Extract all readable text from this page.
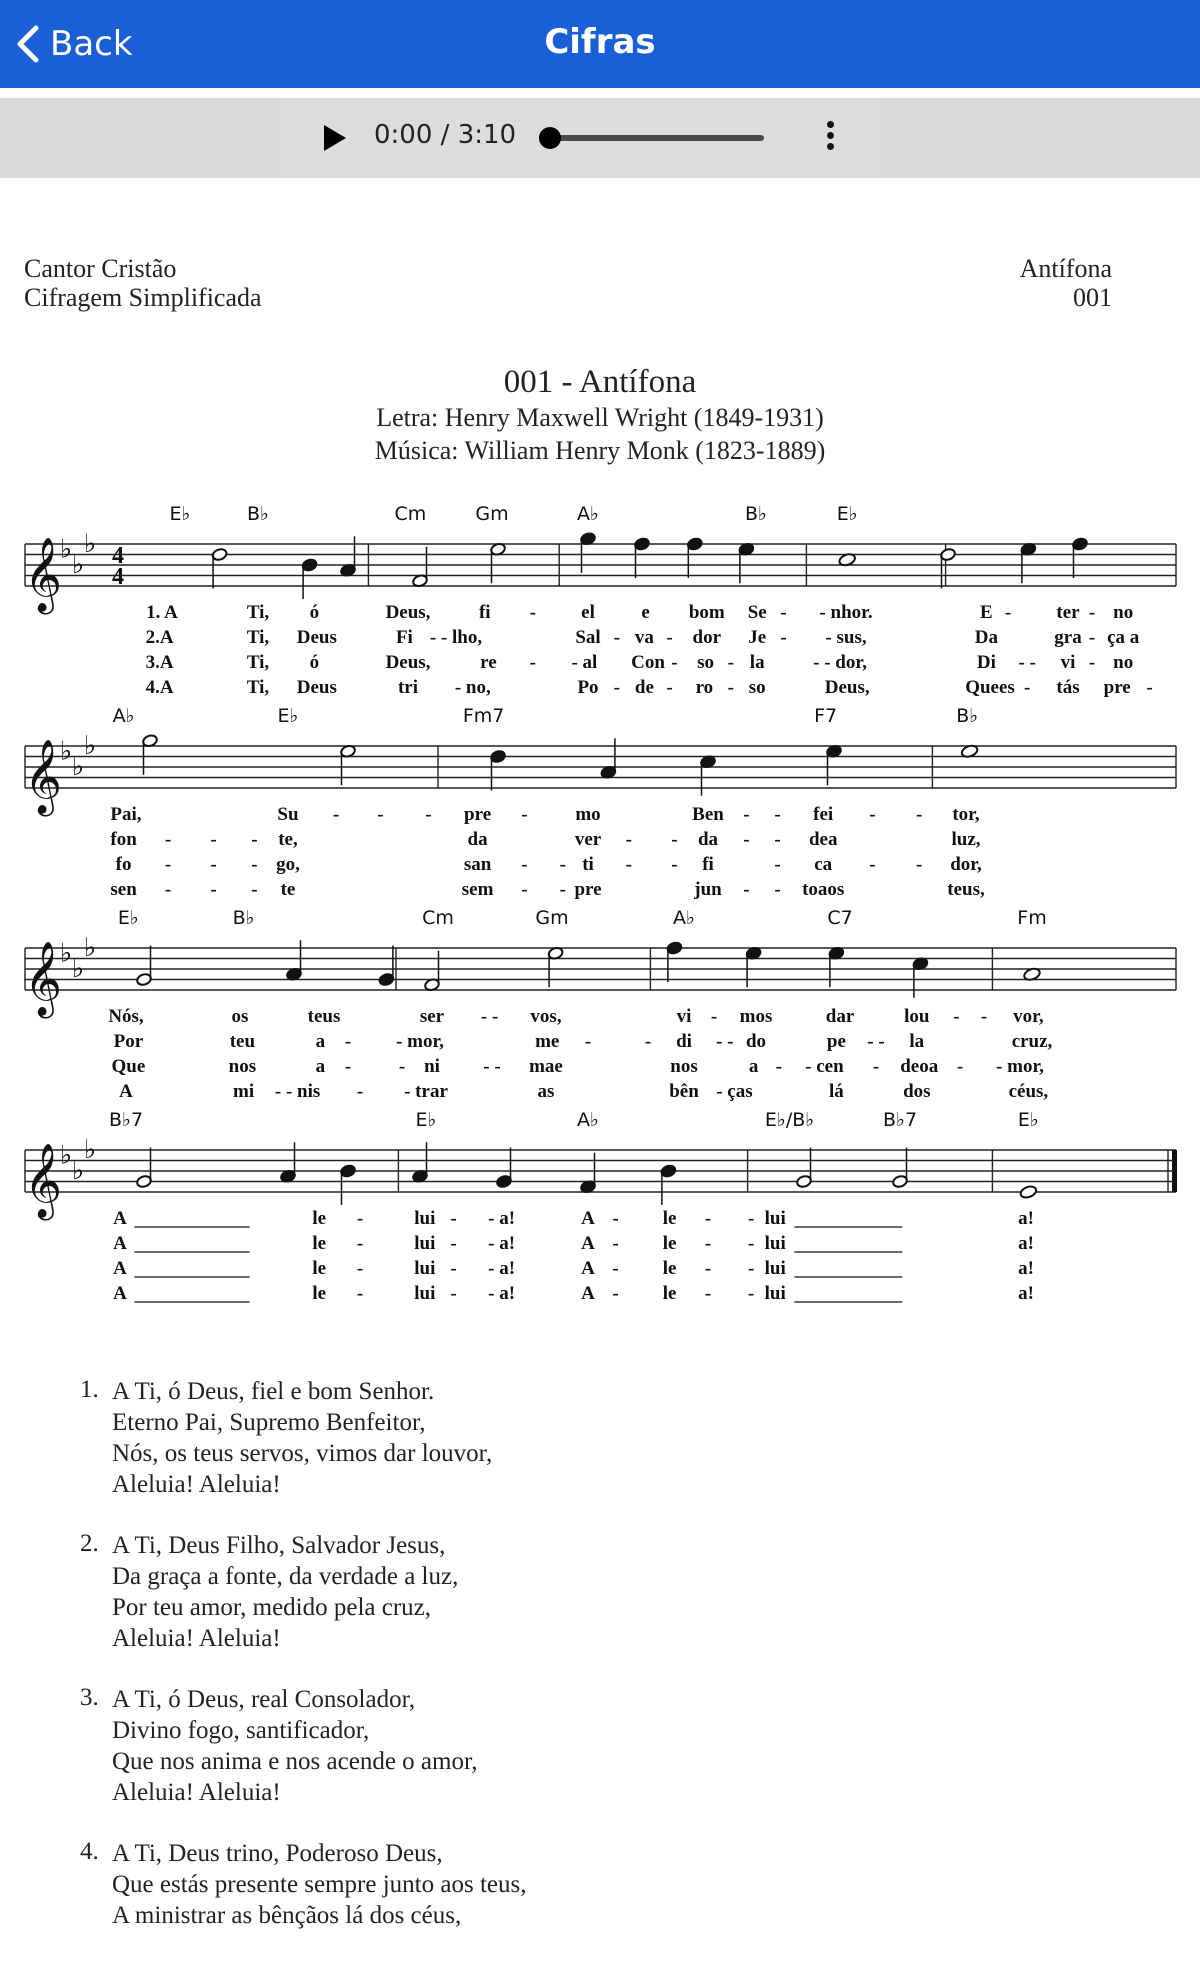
Back	Cifras
0:00 / 3:10
Cantor Cristão
Cifragem Simplificada
Antífona
001
001 - Antífona
Letra: Henry Maxwell Wright (1849-1931)
Música: William Henry Monk (1823-1889)
𝄞
♭
♭
♭ 4
4
E♭	B♭	Cm	Gm	A♭	B♭	E♭
1. A	Ti, ó	Deus,	fi - el e bom Se - - nhor.	E - ter - no
2.A	Ti, Deus	Fi - - lho,	Sal - va - dor Je - - sus,	Da	gra - ça a
3.A	Ti, ó	Deus,	re - - al Con - so - la	- - dor,	Di - - vi - no
4.A	Ti, Deus	tri - no,	Po - de - ro - so	Deus,	Quees - tás pre -
𝄞
♭
♭
♭
A♭	E♭	Fm7	F7	B♭
Pai,	Su - - - pre -	mo	Ben - - fei - - tor,
fon - - - te,	da	ver - - da - - dea	luz,
fo - - - go,	san - - ti - - fi	- ca - - dor,
sen - - - te	sem - - pre	jun - - toaos	teus,
𝄞
♭
♭
♭
E♭	B♭	Cm	Gm	A♭	C7	Fm
Nós,	os	teus	ser - - vos,	vi - mos	dar	lou - - vor,
Por	teu	a - - mor,	me -	- di - - do	pe - - la	cruz,
Que	nos	a -	- ni - - mae	nos	a - - cen - deoa - - mor,
A	mi - - nis - - trar	as	bên - ças	lá	dos	céus,
𝄞
♭
♭
♭
B♭7	E♭	A♭	E♭/B♭	B♭7	E♭
A	le -	lui - - a!	A - le - - lui	a!
A	le -	lui - - a!	A - le - - lui	a!
A	le -	lui - - a!	A - le - - lui	a!
A	le -	lui - - a!	A - le - - lui	a!
1. A Ti, ó Deus, fiel e bom Senhor.
Eterno Pai, Supremo Benfeitor,
Nós, os teus servos, vimos dar louvor,
Aleluia! Aleluia!
2. A Ti, Deus Filho, Salvador Jesus,
Da graça a fonte, da verdade a luz,
Por teu amor, medido pela cruz,
Aleluia! Aleluia!
3. A Ti, ó Deus, real Consolador,
Divino fogo, santificador,
Que nos anima e nos acende o amor,
Aleluia! Aleluia!
4. A Ti, Deus trino, Poderoso Deus,
Que estás presente sempre junto aos teus,
A ministrar as bênçãos lá dos céus,
